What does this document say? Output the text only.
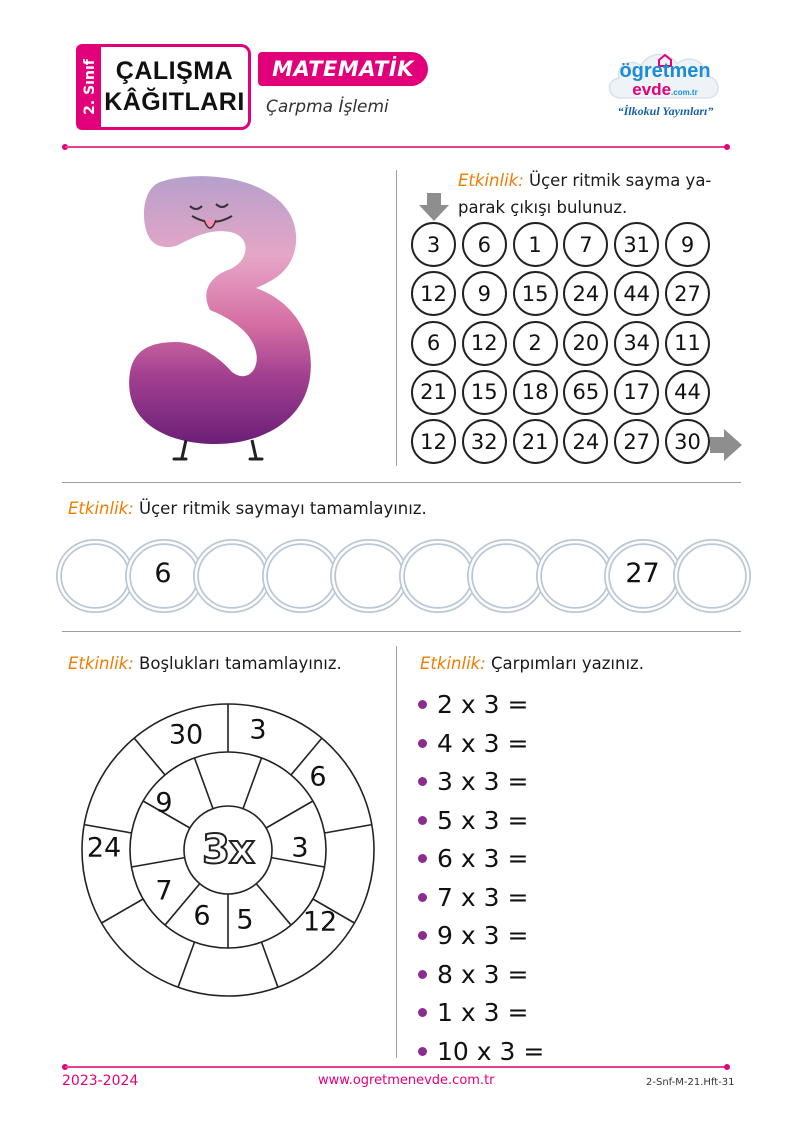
2. Sınıf ÇALIŞMA
KÂĞITLARI
MATEMATİK
Çarpma İşlemi
ögretmen
evde.com.tr
“İlkokul Yayınları”
Etkinlik: Üçer ritmik sayma ya-
parak çıkışı bulunuz.
3	6	1	7	31	9
12	9	15	24	44	27
6	12	2	20	34	11
21	15	18	65	17	44
12	32	21	24	27	30
Etkinlik: Üçer ritmik saymayı tamamlayınız.
6	27
Etkinlik: Boşlukları tamamlayınız.
3x
30 3
6
24
12
9
3
7
6 5
Etkinlik: Çarpımları yazınız.
2 x 3 =
4 x 3 =
3 x 3 =
5 x 3 =
6 x 3 =
7 x 3 =
9 x 3 =
8 x 3 =
1 x 3 =
10 x 3 =
2023-2024	www.ogretmenevde.com.tr	2-Snf-M-21.Hft-31
